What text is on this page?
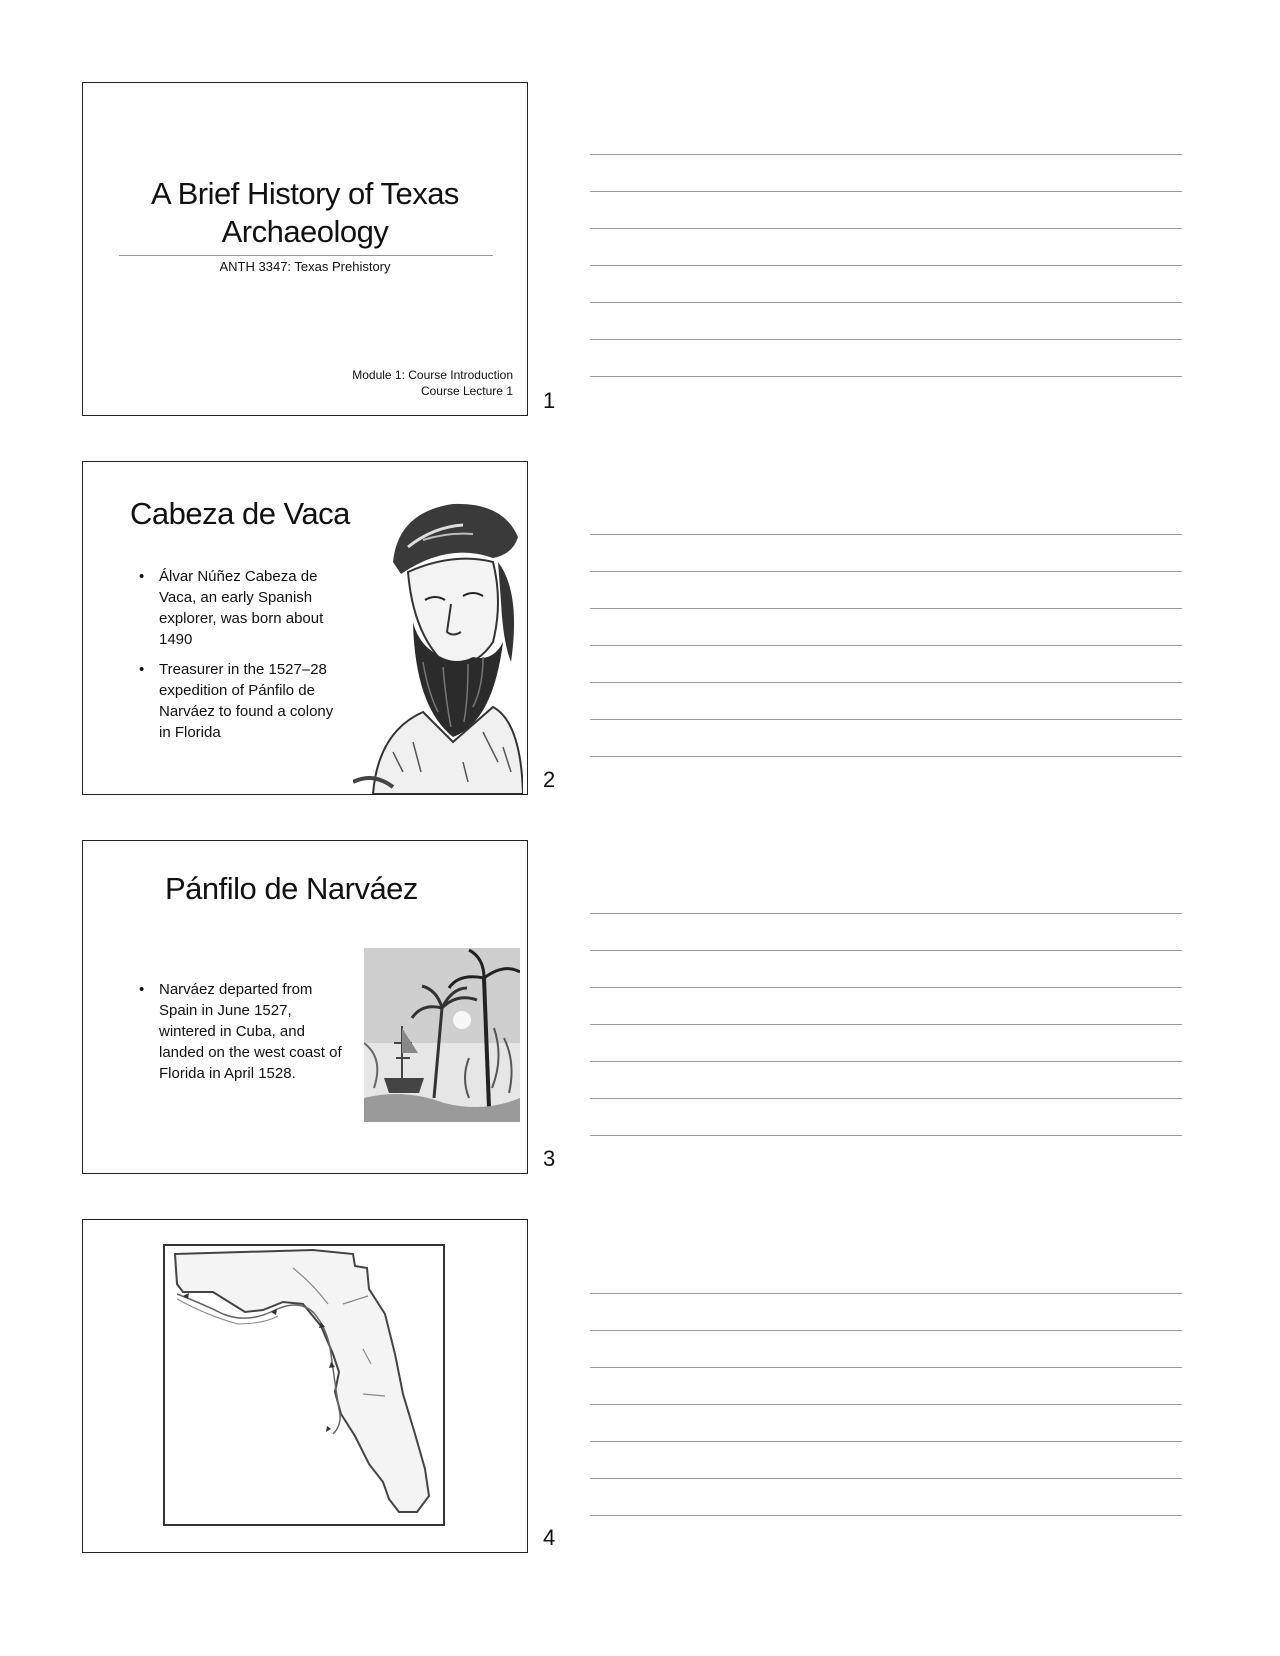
A Brief History of Texas
Archaeology
ANTH 3347: Texas Prehistory
Module 1: Course Introduction
Course Lecture 1 1
Cabeza de Vaca
• Álvar Núñez Cabeza de Vaca, an early Spanish explorer, was born about 1490
• Treasurer in the 1527–28 expedition of Pánfilo de Narváez to found a colony in Florida
2
Pánfilo de Narváez
• Narváez departed from Spain in June 1527, wintered in Cuba, and landed on the west coast of Florida in April 1528.
3
4
